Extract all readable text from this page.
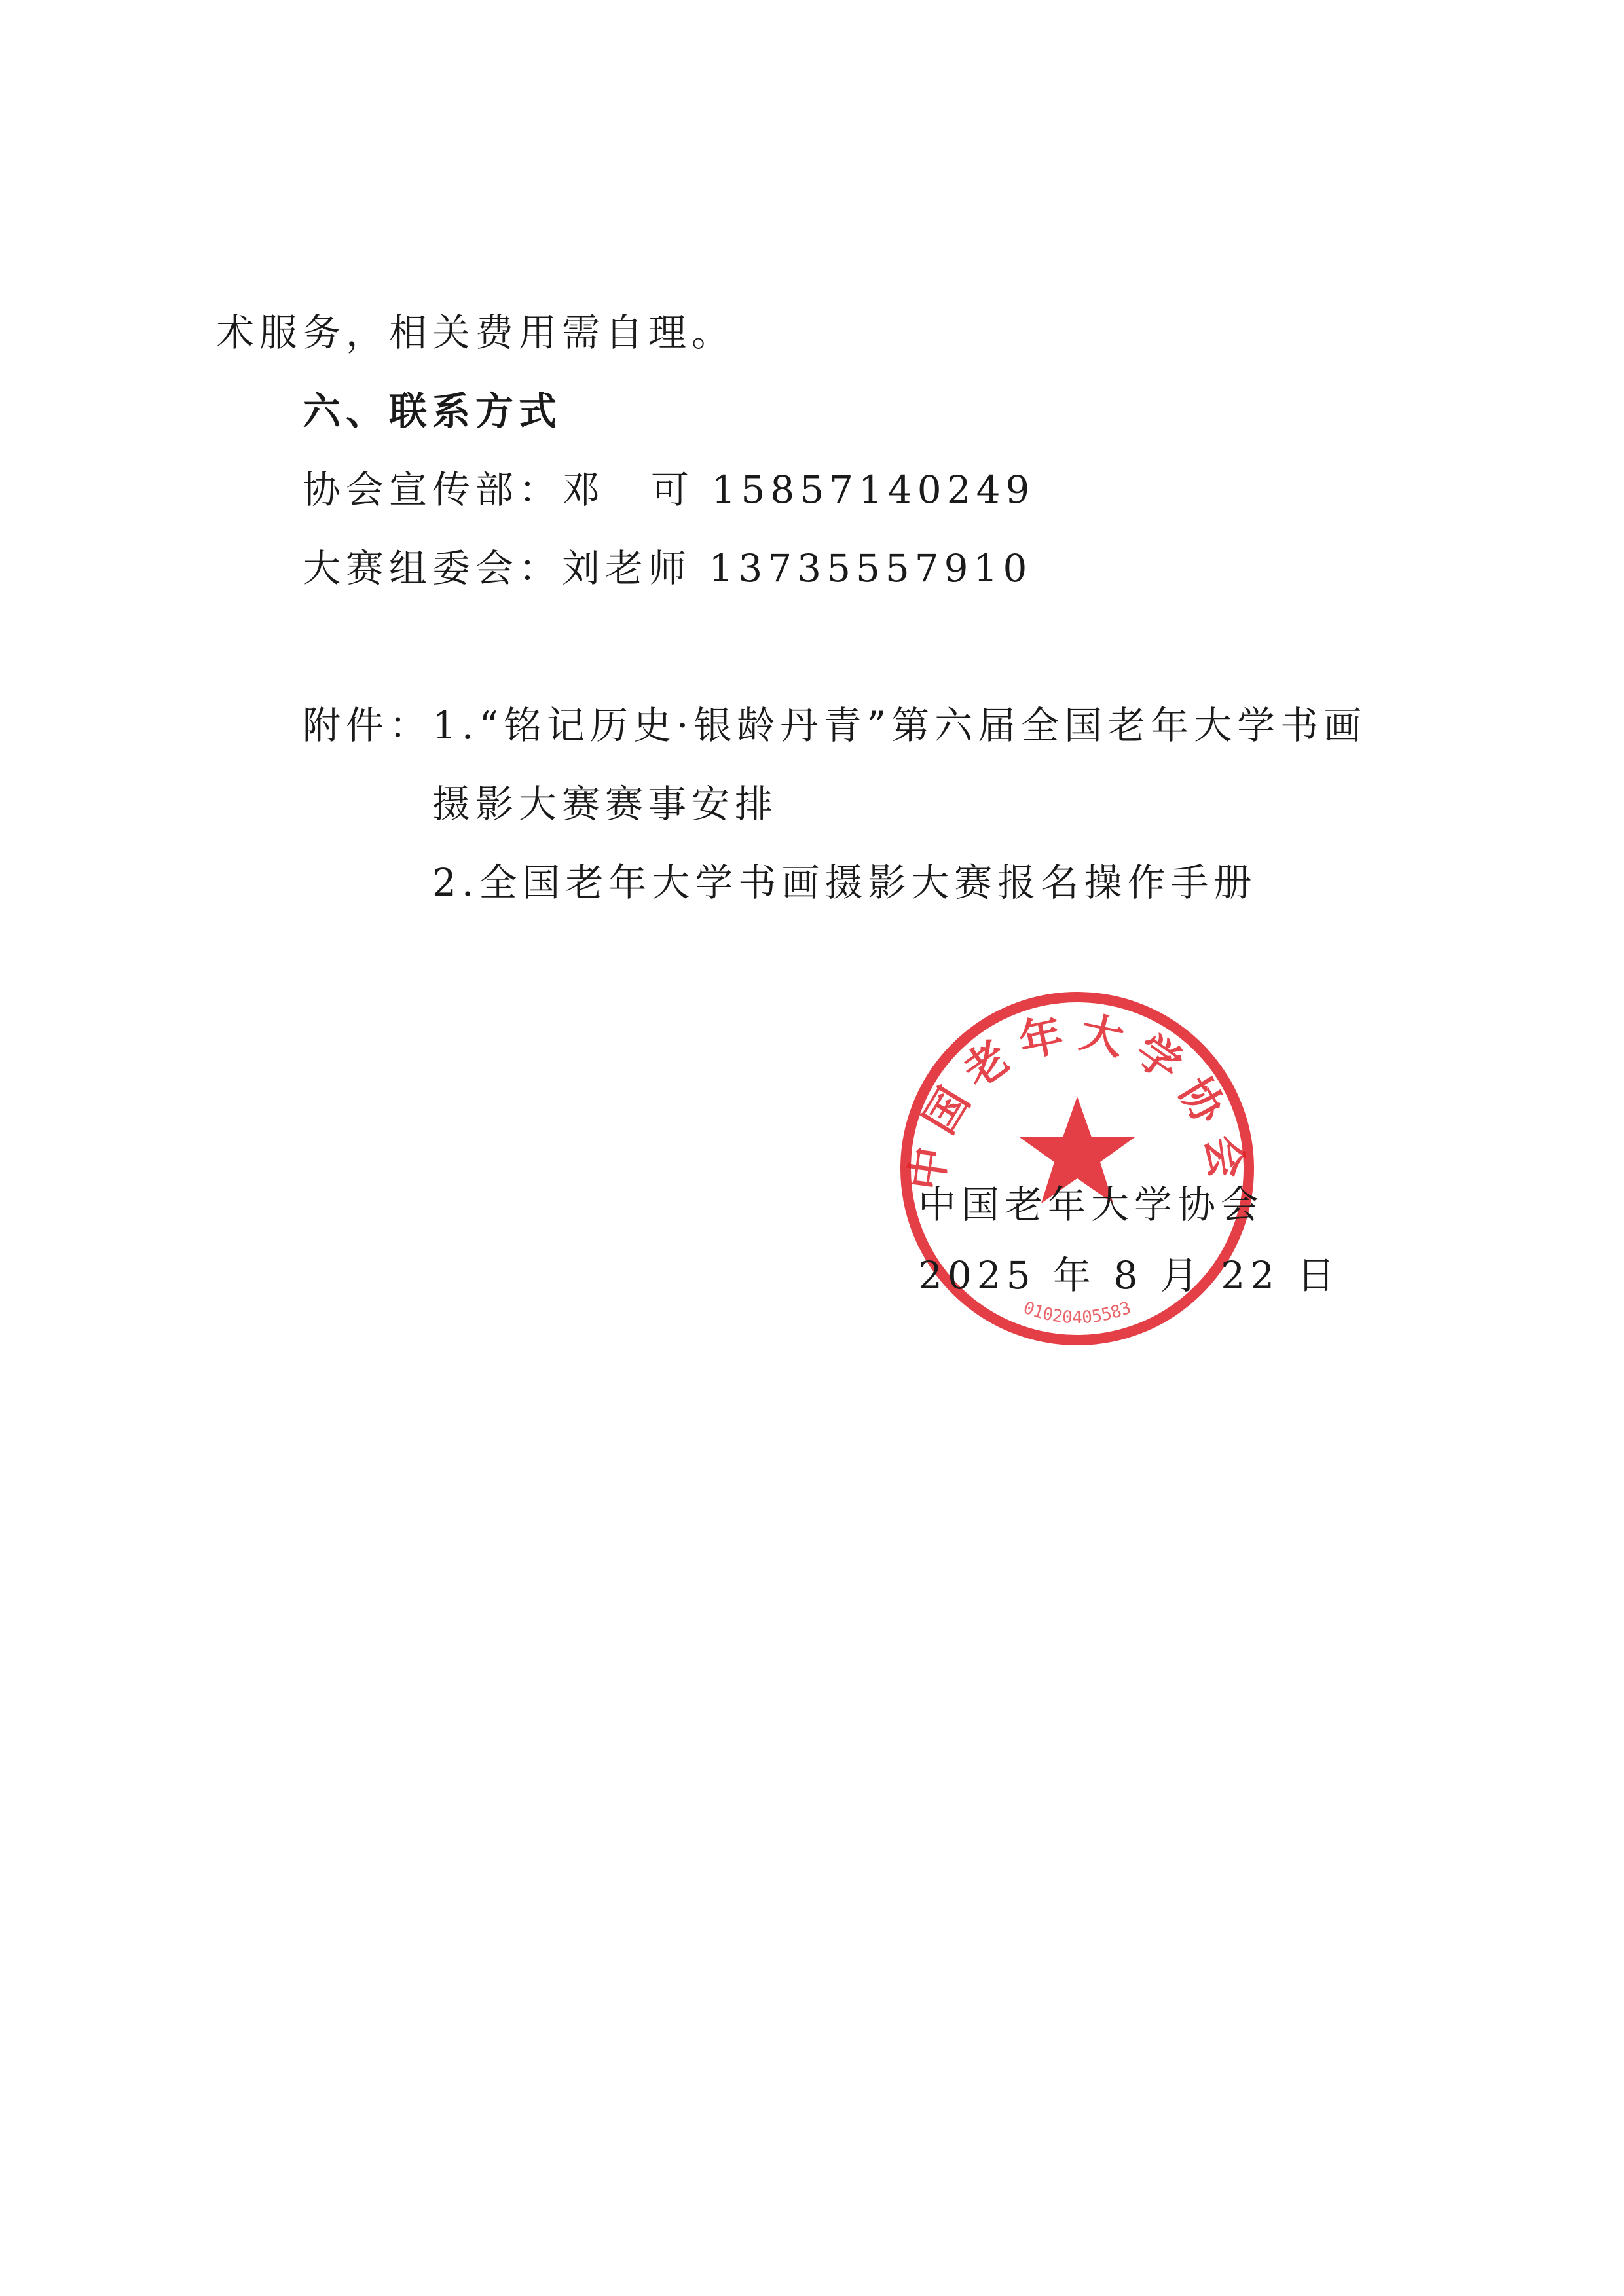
术服务，相关费用需自理。
六、联系方式
协会宣传部：邓 可 15857140249
大赛组委会：刘老师 13735557910
附件：1.“铭记历史·银龄丹青”第六届全国老年大学书画
摄影大赛赛事安排
2.全国老年大学书画摄影大赛报名操作手册
中国老年大学协会
01020405583
中国老年大学协会
2025 年 8 月 22 日
